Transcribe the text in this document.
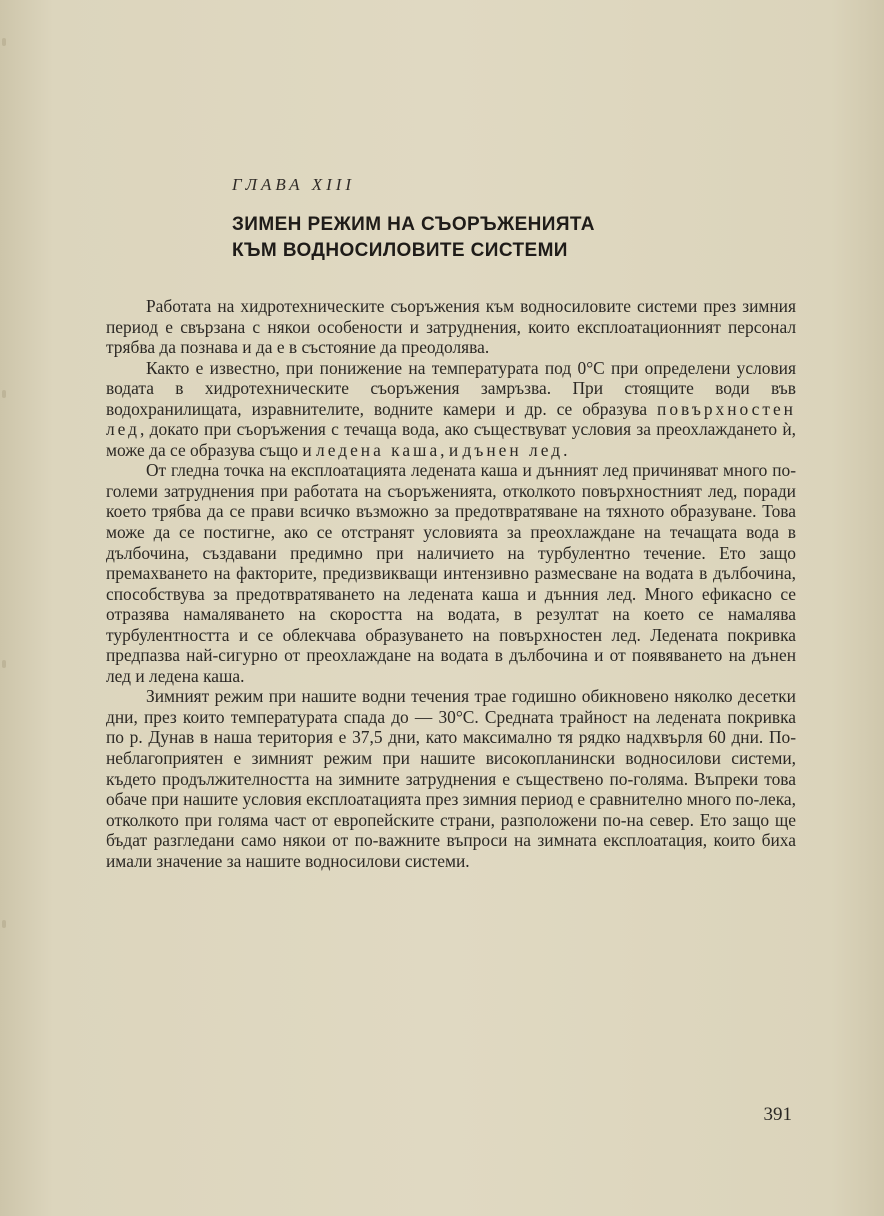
ГЛАВА XIII
ЗИМЕН РЕЖИМ НА СЪОРЪЖЕНИЯТА
КЪМ ВОДНОСИЛОВИТЕ СИСТЕМИ

Работата на хидротехническите съоръжения към водносиловите системи през зимния период е свързана с някои особености и затруднения, които експлоатационният персонал трябва да познава и да е в състояние да преодолява.

Както е известно, при понижение на температурата под 0°С при определени условия водата в хидротехническите съоръжения замръзва. При стоящите води във водохранилищата, изравнителите, водните камери и др. се образува повърхностен лед, докато при съоръжения с течаща вода, ако съществуват условия за преохлаждането ѝ, може да се образува също и ледена каша, и дънен лед.

От гледна точка на експлоатацията ледената каша и дънният лед причиняват много по-големи затруднения при работата на съоръженията, отколкото повърхностният лед, поради което трябва да се прави всичко възможно за предотвратяване на тяхното образуване. Това може да се постигне, ако се отстранят условията за преохлаждане на течащата вода в дълбочина, създавани предимно при наличието на турбулентно течение. Ето защо премахването на факторите, предизвикващи интензивно размесване на водата в дълбочина, способствува за предотвратяването на ледената каша и дънния лед. Много ефикасно се отразява намаляването на скоростта на водата, в резултат на което се намалява турбулентността и се облекчава образуването на повърхностен лед. Ледената покривка предпазва най-сигурно от преохлаждане на водата в дълбочина и от появяването на дънен лед и ледена каша.

Зимният режим при нашите водни течения трае годишно обикновено няколко десетки дни, през които температурата спада до — 30°С. Средната трайност на ледената покривка по р. Дунав в наша територия е 37,5 дни, като максимално тя рядко надхвърля 60 дни. По-неблагоприятен е зимният режим при нашите високопланински водносилови системи, където продължителността на зимните затруднения е съществено по-голяма. Въпреки това обаче при нашите условия експлоатацията през зимния период е сравнително много по-лека, отколкото при голяма част от европейските страни, разположени по-на север. Ето защо ще бъдат разгледани само някои от по-важните въпроси на зимната експлоатация, които биха имали значение за нашите водносилови системи.

391
